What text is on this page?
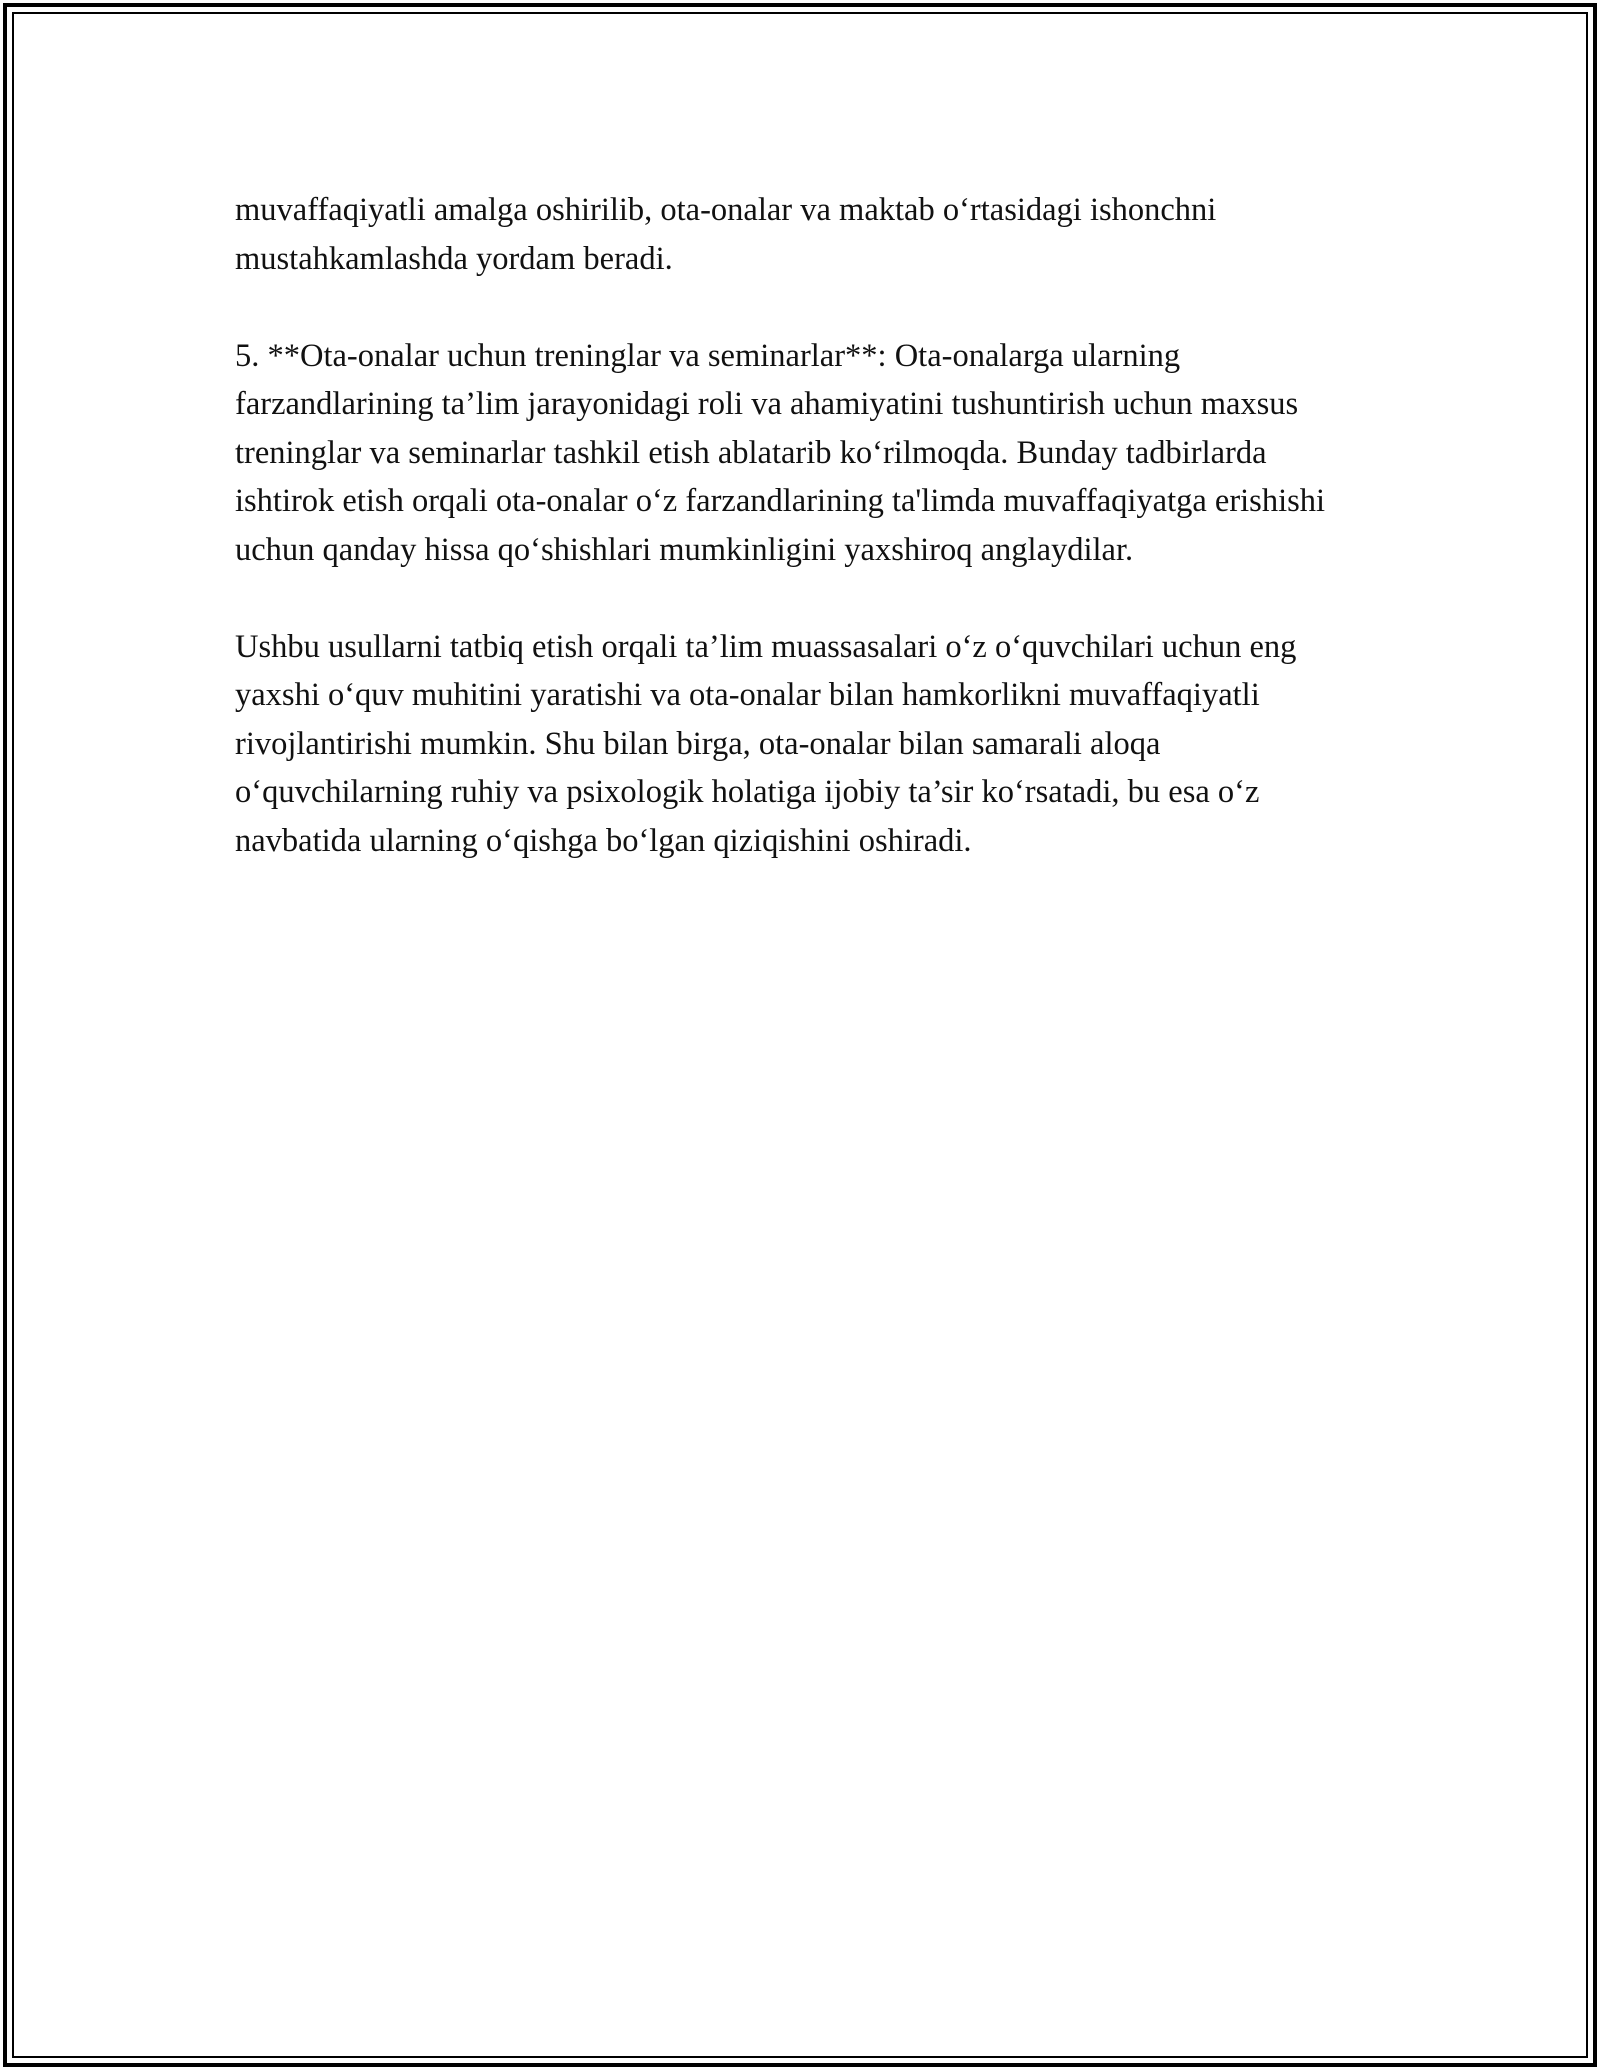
muvaffaqiyatli amalga oshirilib, ota-onalar va maktab o‘rtasidagi ishonchni mustahkamlashda yordam beradi.

5. **Ota-onalar uchun treninglar va seminarlar**: Ota-onalarga ularning farzandlarining ta’lim jarayonidagi roli va ahamiyatini tushuntirish uchun maxsus treninglar va seminarlar tashkil etish ablatarib ko‘rilmoqda. Bunday tadbirlarda ishtirok etish orqali ota-onalar o‘z farzandlarining ta'limda muvaffaqiyatga erishishi uchun qanday hissa qo‘shishlari mumkinligini yaxshiroq anglaydilar.

Ushbu usullarni tatbiq etish orqali ta’lim muassasalari o‘z o‘quvchilari uchun eng yaxshi o‘quv muhitini yaratishi va ota-onalar bilan hamkorlikni muvaffaqiyatli rivojlantirishi mumkin. Shu bilan birga, ota-onalar bilan samarali aloqa o‘quvchilarning ruhiy va psixologik holatiga ijobiy ta’sir ko‘rsatadi, bu esa o‘z navbatida ularning o‘qishga bo‘lgan qiziqishini oshiradi.
